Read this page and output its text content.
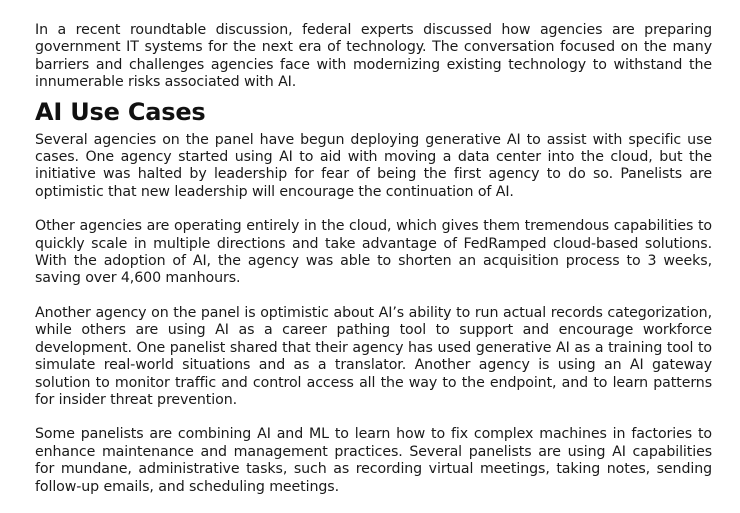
In a recent roundtable discussion, federal experts discussed how agencies are preparing government IT systems for the next era of technology. The conversation focused on the many barriers and challenges agencies face with modernizing existing technology to withstand the innumerable risks associated with AI.

AI Use Cases

Several agencies on the panel have begun deploying generative AI to assist with specific use cases. One agency started using AI to aid with moving a data center into the cloud, but the initiative was halted by leadership for fear of being the first agency to do so. Panelists are optimistic that new leadership will encourage the continuation of AI.

Other agencies are operating entirely in the cloud, which gives them tremendous capabilities to quickly scale in multiple directions and take advantage of FedRamped cloud-based solutions. With the adoption of AI, the agency was able to shorten an acquisition process to 3 weeks, saving over 4,600 manhours.

Another agency on the panel is optimistic about AI’s ability to run actual records categorization, while others are using AI as a career pathing tool to support and encourage workforce development. One panelist shared that their agency has used generative AI as a training tool to simulate real-world situations and as a translator. Another agency is using an AI gateway solution to monitor traffic and control access all the way to the endpoint, and to learn patterns for insider threat prevention.

Some panelists are combining AI and ML to learn how to fix complex machines in factories to enhance maintenance and management practices. Several panelists are using AI capabilities for mundane, administrative tasks, such as recording virtual meetings, taking notes, sending follow-up emails, and scheduling meetings.
